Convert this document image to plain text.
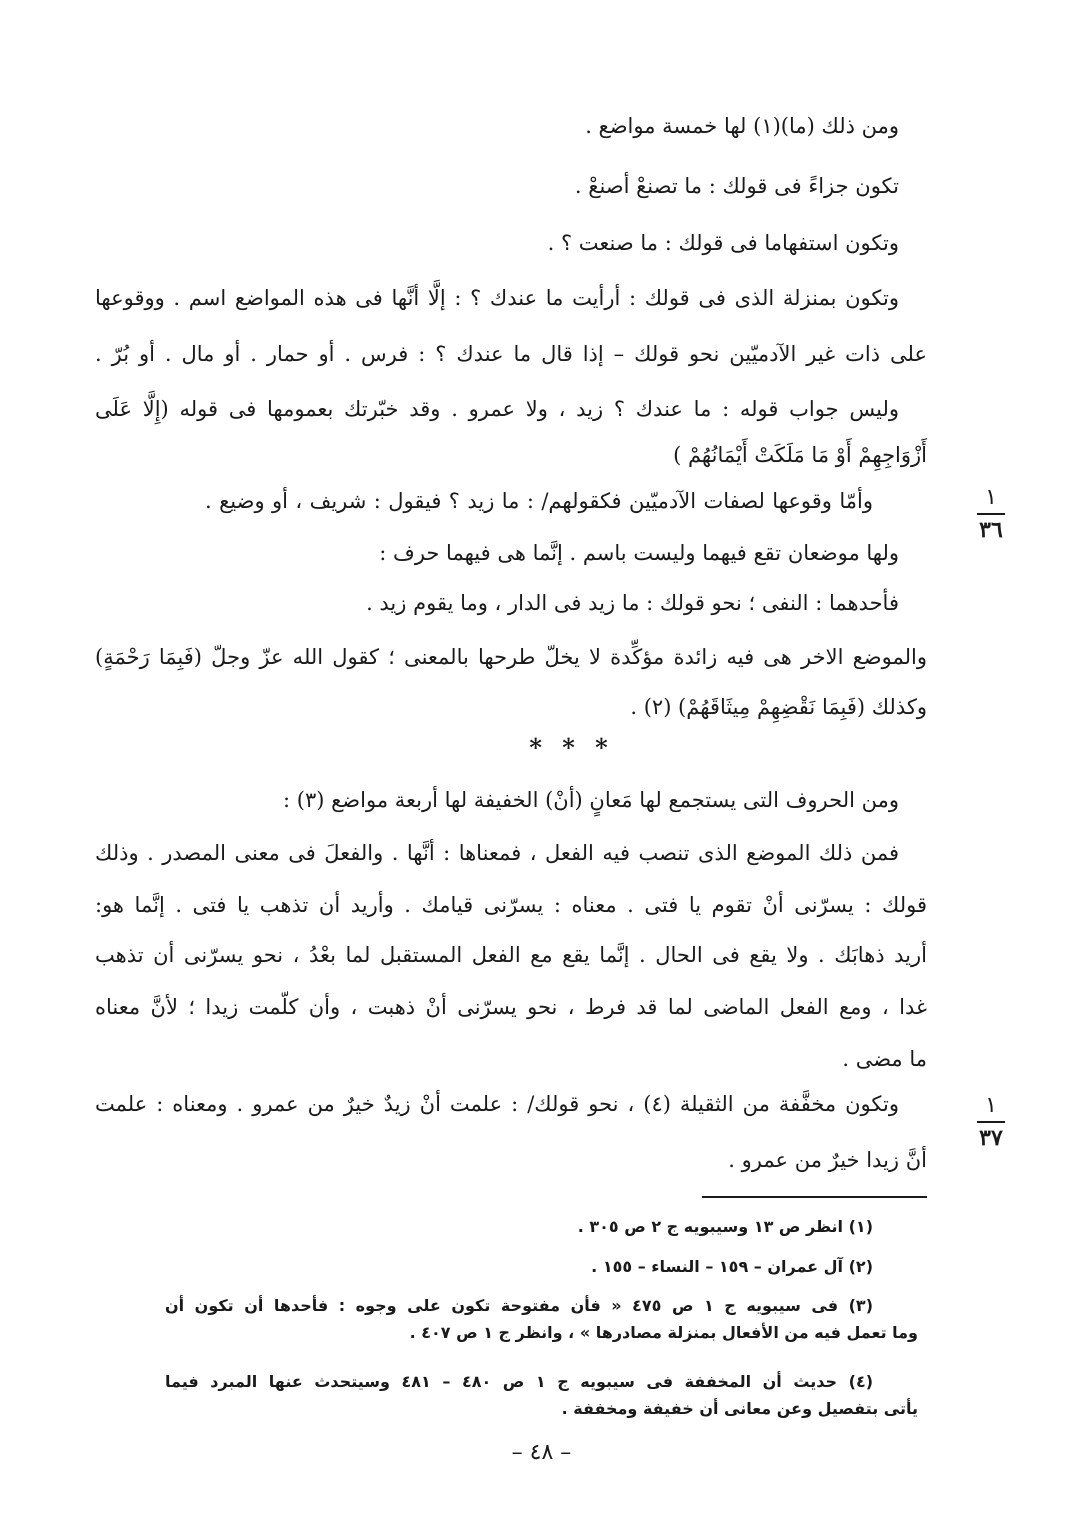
ومن ذلك (ما)(١) لها خمسة مواضع .
تكون جزاءً فى قولك : ما تصنعْ أصنعْ .
وتكون استفهاما فى قولك : ما صنعت ؟ .
وتكون بمنزلة الذى فى قولك : أرأيت ما عندك ؟ : إلَّا أنَّها فى هذه المواضع اسم . ووقوعها
على ذات غير الآدميّين نحو قولك – إذا قال ما عندك ؟ : فرس . أو حمار . أو مال . أو بُرّ .
وليس جواب قوله : ما عندك ؟ زيد ، ولا عمرو . وقد خبّرتك بعمومها فى قوله (إِلَّا عَلَى
أَزْوَاجِهِمْ أَوْ مَا مَلَكَتْ أَيْمَانُهُمْ )
وأمّا وقوعها لصفات الآدميّين فكقولهم/ : ما زيد ؟ فيقول : شريف ، أو وضيع .
ولها موضعان تقع فيهما وليست باسم . إنَّما هى فيهما حرف :
فأحدهما : النفى ؛ نحو قولك : ما زيد فى الدار ، وما يقوم زيد .
والموضع الاخر هى فيه زائدة مؤكِّدة لا يخلّ طرحها بالمعنى ؛ كقول الله عزّ وجلّ (فَبِمَا رَحْمَةٍ)
وكذلك (فَبِمَا نَقْضِهِمْ مِيثَاقَهُمْ) (٢) .
* * *
ومن الحروف التى يستجمع لها مَعانٍ (أنْ) الخفيفة لها أربعة مواضع (٣) :
فمن ذلك الموضع الذى تنصب فيه الفعل ، فمعناها : أنَّها . والفعلَ فى معنى المصدر . وذلك
قولك : يسرّنى أنْ تقوم يا فتى . معناه : يسرّنى قيامك . وأريد أن تذهب يا فتى . إنَّما هو:
أريد ذهابَك . ولا يقع فى الحال . إنَّما يقع مع الفعل المستقبل لما بعْدُ ، نحو يسرّنى أن تذهب
غدا ، ومع الفعل الماضى لما قد فرط ، نحو يسرّنى أنْ ذهبت ، وأن كلّمت زيدا ؛ لأنَّ معناه
ما مضى .
وتكون مخفَّفة من الثقيلة (٤) ، نحو قولك/ : علمت أنْ زيدٌ خيرٌ من عمرو . ومعناه : علمت
أنَّ زيدا خيرٌ من عمرو .
١
٣٦
١
٣٧
(١) انظر ص ١٣ وسيبويه ج ٢ ص ٣٠٥ .
(٢) آل عمران – ١٥٩ – النساء – ١٥٥ .
(٣) فى سيبويه ج ١ ص ٤٧٥ « فأن مفتوحة تكون على وجوه : فأحدها أن تكون أن
وما تعمل فيه من الأفعال بمنزلة مصادرها » ، وانظر ج ١ ص ٤٠٧ .
(٤) حديث أن المخففة فى سيبويه ج ١ ص ٤٨٠ – ٤٨١ وسيتحدث عنها المبرد فيما
يأتى بتفصيل وعن معانى أن خفيفة ومخففة .
– ٤٨ –
